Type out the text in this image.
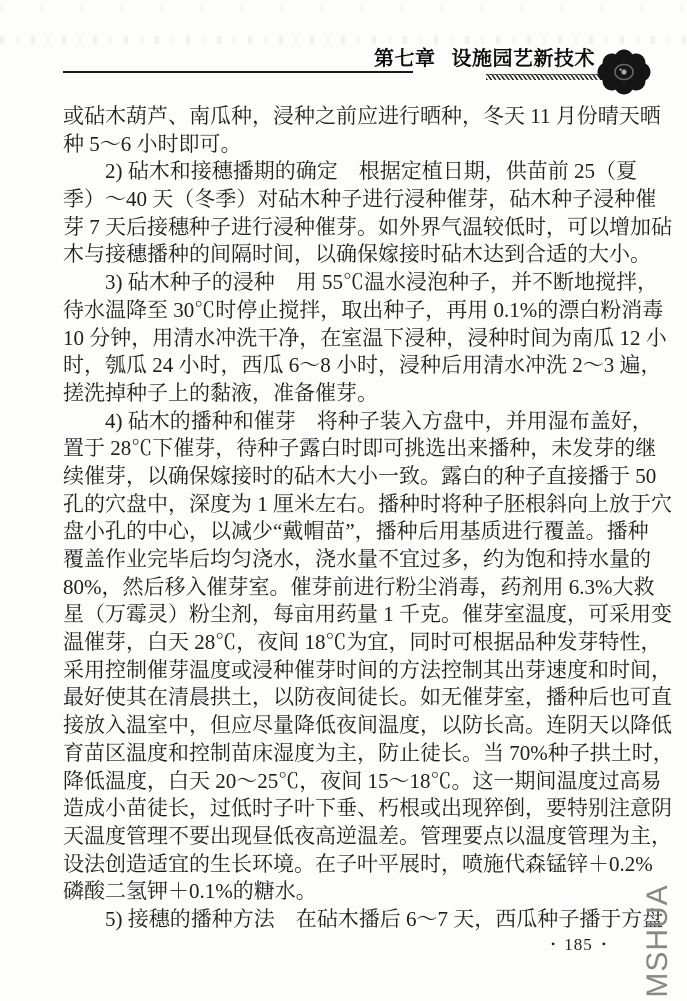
第七章 设施园艺新技术
或砧木葫芦、南瓜种，浸种之前应进行晒种，冬天 11 月份晴天晒
种 5～6 小时即可。
　　2) 砧木和接穗播期的确定　根据定植日期，供苗前 25（夏
季）～40 天（冬季）对砧木种子进行浸种催芽，砧木种子浸种催
芽 7 天后接穗种子进行浸种催芽。如外界气温较低时，可以增加砧
木与接穗播种的间隔时间，以确保嫁接时砧木达到合适的大小。
　　3) 砧木种子的浸种　用 55℃温水浸泡种子，并不断地搅拌，
待水温降至 30℃时停止搅拌，取出种子，再用 0.1%的漂白粉消毒
10 分钟，用清水冲洗干净，在室温下浸种，浸种时间为南瓜 12 小
时，瓠瓜 24 小时，西瓜 6～8 小时，浸种后用清水冲洗 2～3 遍，
搓洗掉种子上的黏液，准备催芽。
　　4) 砧木的播种和催芽　将种子装入方盘中，并用湿布盖好，
置于 28℃下催芽，待种子露白时即可挑选出来播种，未发芽的继
续催芽，以确保嫁接时的砧木大小一致。露白的种子直接播于 50
孔的穴盘中，深度为 1 厘米左右。播种时将种子胚根斜向上放于穴
盘小孔的中心，以减少“戴帽苗”，播种后用基质进行覆盖。播种
覆盖作业完毕后均匀浇水，浇水量不宜过多，约为饱和持水量的
80%，然后移入催芽室。催芽前进行粉尘消毒，药剂用 6.3%大救
星（万霉灵）粉尘剂，每亩用药量 1 千克。催芽室温度，可采用变
温催芽，白天 28℃，夜间 18℃为宜，同时可根据品种发芽特性，
采用控制催芽温度或浸种催芽时间的方法控制其出芽速度和时间，
最好使其在清晨拱土，以防夜间徒长。如无催芽室，播种后也可直
接放入温室中，但应尽量降低夜间温度，以防长高。连阴天以降低
育苗区温度和控制苗床湿度为主，防止徒长。当 70%种子拱土时，
降低温度，白天 20～25℃，夜间 15～18℃。这一期间温度过高易
造成小苗徒长，过低时子叶下垂、朽根或出现猝倒，要特别注意阴
天温度管理不要出现昼低夜高逆温差。管理要点以温度管理为主，
设法创造适宜的生长环境。在子叶平展时，喷施代森锰锌＋0.2%
磷酸二氢钾＋0.1%的糖水。
　　5) 接穗的播种方法　在砧木播后 6～7 天，西瓜种子播于方盘
• 185 • MSHUA
